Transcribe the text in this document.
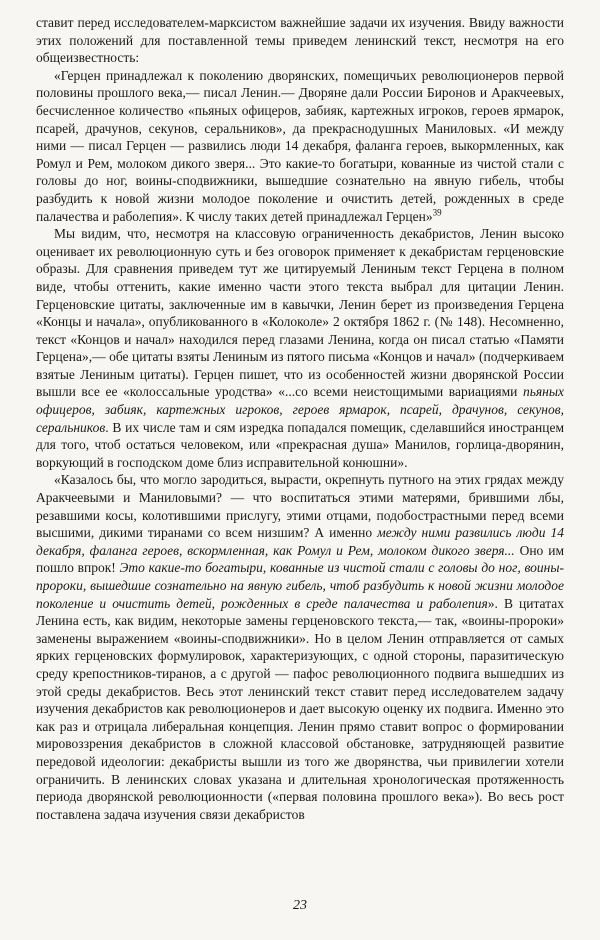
ставит перед исследователем-марксистом важнейшие задачи их изучения. Ввиду важности этих положений для поставленной темы приведем ленинский текст, несмотря на его общеизвестность:

«Герцен принадлежал к поколению дворянских, помещичьих революционеров первой половины прошлого века,— писал Ленин.— Дворяне дали России Биронов и Аракчеевых, бесчисленное количество «пьяных офицеров, забияк, картежных игроков, героев ярмарок, псарей, драчунов, секунов, серальников», да прекраснодушных Маниловых. «И между ними — писал Герцен — развились люди 14 декабря, фаланга героев, выкормленных, как Ромул и Рем, молоком дикого зверя... Это какие-то богатыри, кованные из чистой стали с головы до ног, воины-сподвижники, вышедшие сознательно на явную гибель, чтобы разбудить к новой жизни молодое поколение и очистить детей, рожденных в среде палачества и раболепия». К числу таких детей принадлежал Герцен»$^{39}$

Мы видим, что, несмотря на классовую ограниченность декабристов, Ленин высоко оценивает их революционную суть и без оговорок применяет к декабристам герценовские образы. Для сравнения приведем тут же цитируемый Лениным текст Герцена в полном виде, чтобы оттенить, какие именно части этого текста выбрал для цитации Ленин. Герценовские цитаты, заключенные им в кавычки, Ленин берет из произведения Герцена «Концы и начала», опубликованного в «Колоколе» 2 октября 1862 г. (№ 148). Несомненно, текст «Концов и начал» находился перед глазами Ленина, когда он писал статью «Памяти Герцена»,— обе цитаты взяты Лениным из пятого письма «Концов и начал» (подчеркиваем взятые Лениным цитаты). Герцен пишет, что из особенностей жизни дворянской России вышли все ее «колоссальные уродства» «...со всеми неистощимыми вариациями пьяных офицеров, забияк, картежных игроков, героев ярмарок, псарей, драчунов, секунов, серальников. В их числе там и сям изредка попадался помещик, сделавшийся иностранцем для того, чтоб остаться человеком, или «прекрасная душа» Манилов, горлица-дворянин, воркующий в господском доме близ исправительной конюшни».

«Казалось бы, что могло зародиться, вырасти, окрепнуть путного на этих грядах между Аракчеевыми и Маниловыми? — что воспитаться этими матерями, брившими лбы, резавшими косы, колотившими прислугу, этими отцами, подобострастными перед всеми высшими, дикими тиранами со всем низшим? А именно между ними развились люди 14 декабря, фаланга героев, вскормленная, как Ромул и Рем, молоком дикого зверя... Оно им пошло впрок! Это какие-то богатыри, кованные из чистой стали с головы до ног, воины-пророки, вышедшие сознательно на явную гибель, чтоб разбудить к новой жизни молодое поколение и очистить детей, рожденных в среде палачества и раболепия». В цитатах Ленина есть, как видим, некоторые замены герценовского текста,— так, «воины-пророки» заменены выражением «воины-сподвижники». Но в целом Ленин отправляется от самых ярких герценовских формулировок, характеризующих, с одной стороны, паразитическую среду крепостников-тиранов, а с другой — пафос революционного подвига вышедших из этой среды декабристов. Весь этот ленинский текст ставит перед исследователем задачу изучения декабристов как революционеров и дает высокую оценку их подвига. Именно это как раз и отрицала либеральная концепция. Ленин прямо ставит вопрос о формировании мировоззрения декабристов в сложной классовой обстановке, затрудняющей развитие передовой идеологии: декабристы вышли из того же дворянства, чьи привилегии хотели ограничить. В ленинских словах указана и длительная хронологическая протяженность периода дворянской революционности («первая половина прошлого века»). Во весь рост поставлена задача изучения связи декабристов

23
